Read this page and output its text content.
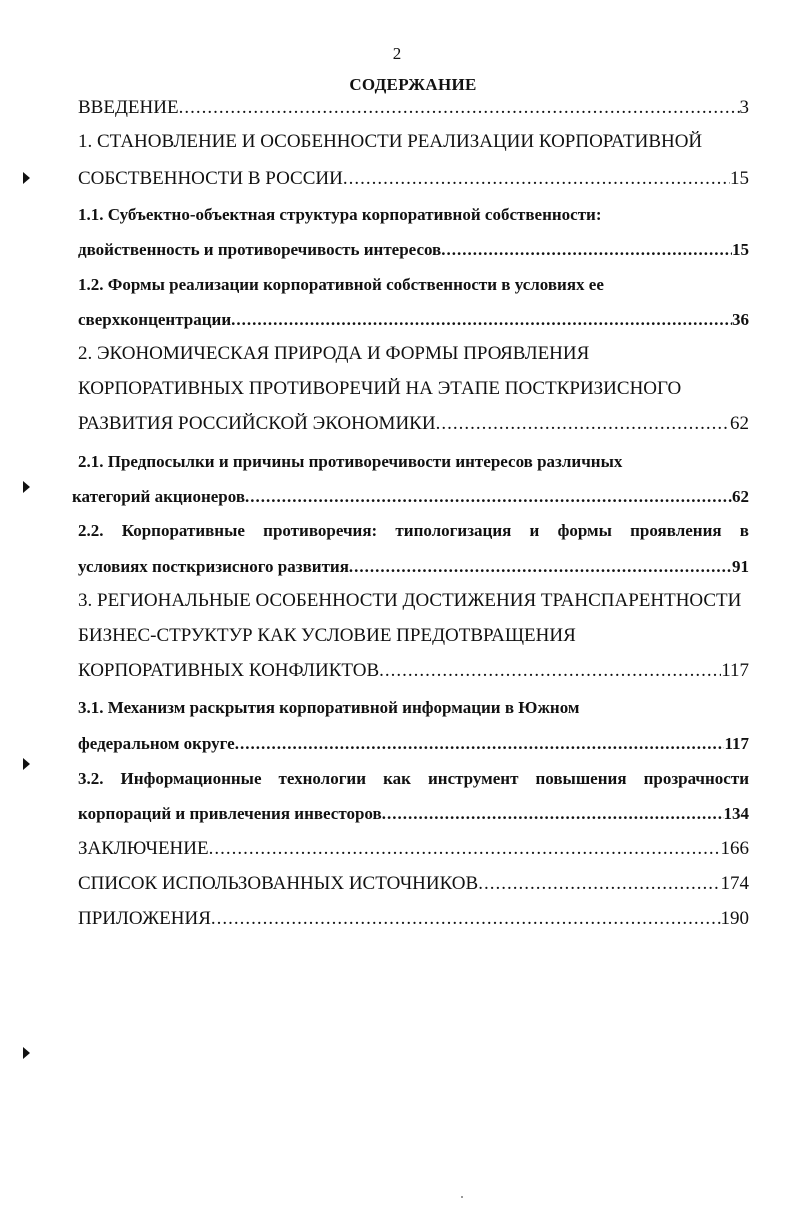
2
СОДЕРЖАНИЕ
ВВЕДЕНИЕ .....	3
1. СТАНОВЛЕНИЕ И ОСОБЕННОСТИ РЕАЛИЗАЦИИ КОРПОРАТИВНОЙ
СОБСТВЕННОСТИ В РОССИИ .....	15
1.1. Субъектно-объектная структура корпоративной собственности:
двойственность и противоречивость интересов .....	15
1.2. Формы реализации корпоративной собственности в условиях ее
сверхконцентрации .....	36
2. ЭКОНОМИЧЕСКАЯ ПРИРОДА И ФОРМЫ ПРОЯВЛЕНИЯ
КОРПОРАТИВНЫХ ПРОТИВОРЕЧИЙ НА ЭТАПЕ ПОСТКРИЗИСНОГО
РАЗВИТИЯ РОССИЙСКОЙ ЭКОНОМИКИ .....	62
2.1. Предпосылки и причины противоречивости интересов различных
категорий акционеров .....	62
2.2. Корпоративные противоречия: типологизация и формы проявления в
условиях посткризисного развития .....	91
3. РЕГИОНАЛЬНЫЕ ОСОБЕННОСТИ ДОСТИЖЕНИЯ ТРАНСПАРЕНТНОСТИ
БИЗНЕС-СТРУКТУР КАК УСЛОВИЕ ПРЕДОТВРАЩЕНИЯ
КОРПОРАТИВНЫХ КОНФЛИКТОВ .....	117
3.1. Механизм раскрытия корпоративной информации в Южном
федеральном округе .....	117
3.2. Информационные технологии как инструмент повышения прозрачности
корпораций и привлечения инвесторов .....	134
ЗАКЛЮЧЕНИЕ .....	166
СПИСОК ИСПОЛЬЗОВАННЫХ ИСТОЧНИКОВ .....	174
ПРИЛОЖЕНИЯ .....	190
